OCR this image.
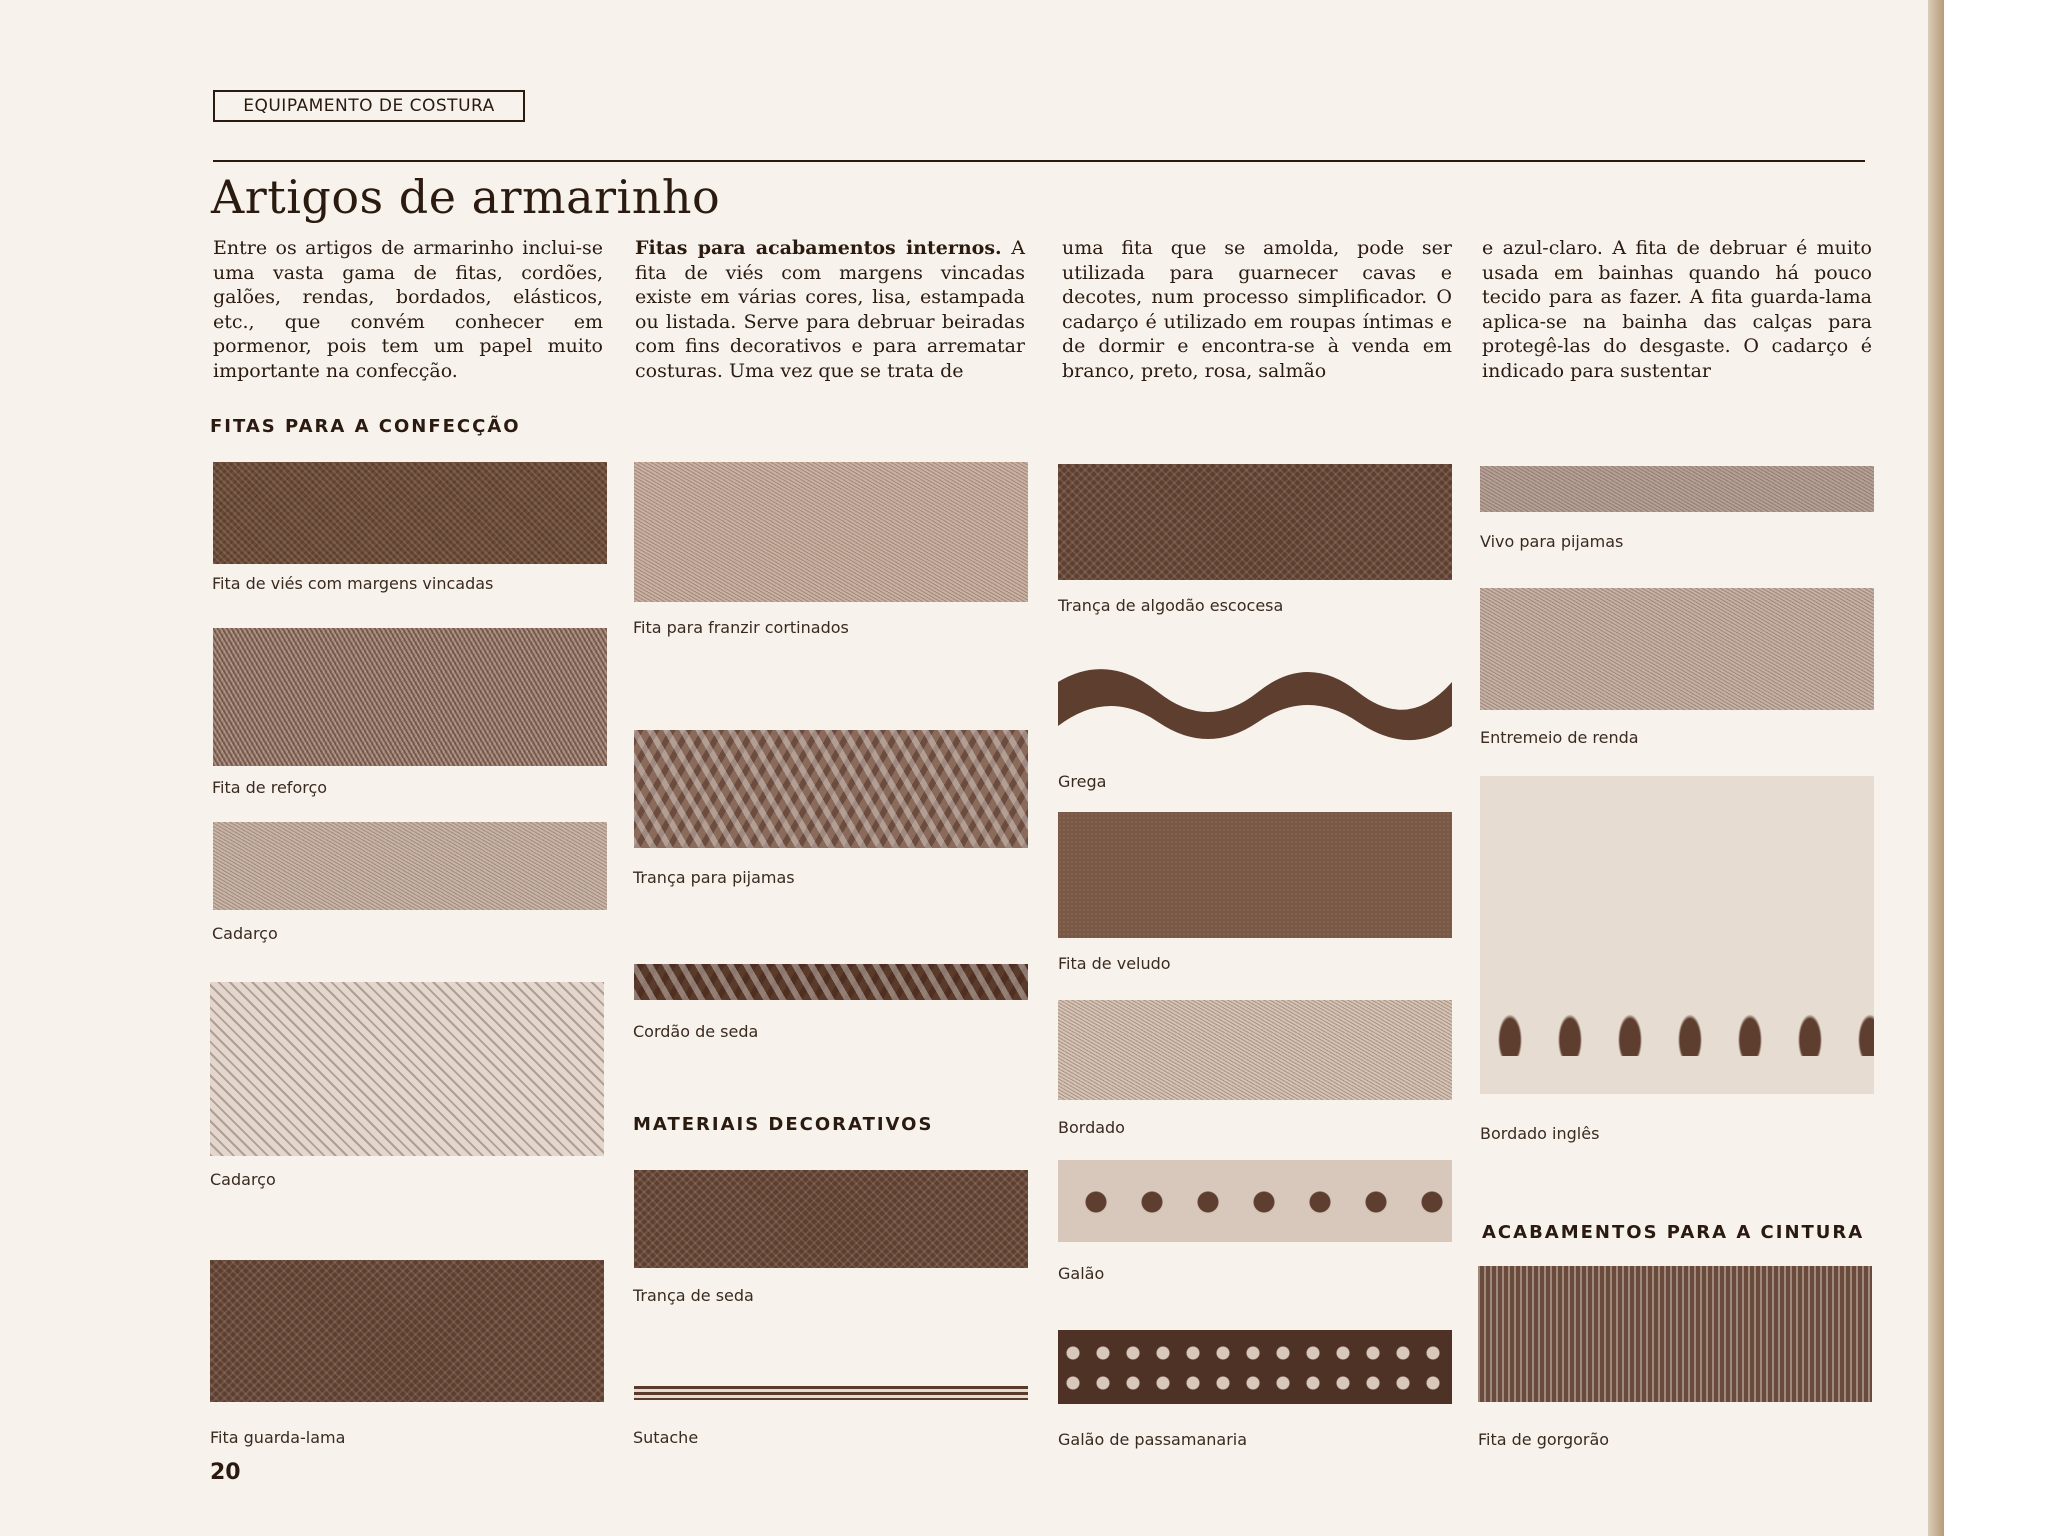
EQUIPAMENTO DE COSTURA
Artigos de armarinho

Entre os artigos de armarinho inclui-se uma vasta gama de fitas, cordões, galões, rendas, bordados, elásticos, etc., que convém conhecer em pormenor, pois tem um papel muito importante na confecção.

Fitas para acabamentos internos. A fita de viés com margens vincadas existe em várias cores, lisa, estampada ou listada. Serve para debruar beiradas com fins decorativos e para arrematar costuras. Uma vez que se trata de

uma fita que se amolda, pode ser utilizada para guarnecer cavas e decotes, num processo simplificador. O cadarço é utilizado em roupas íntimas e de dormir e encontra-se à venda em branco, preto, rosa, salmão

e azul-claro. A fita de debruar é muito usada em bainhas quando há pouco tecido para as fazer. A fita guarda-lama aplica-se na bainha das calças para protegê-las do desgaste. O cadarço é indicado para sustentar

FITAS PARA A CONFECÇÃO
MATERIAIS DECORATIVOS
ACABAMENTOS PARA A CINTURA
Fita de viés com margens vincadas
Fita de reforço
Cadarço
Cadarço
Fita guarda-lama
Fita para franzir cortinados
Trança para pijamas
Cordão de seda
Trança de seda
Sutache
Trança de algodão escocesa
Grega
Fita de veludo
Bordado
Galão
Galão de passamanaria
Vivo para pijamas
Entremeio de renda
Bordado inglês
Fita de gorgorão
20
